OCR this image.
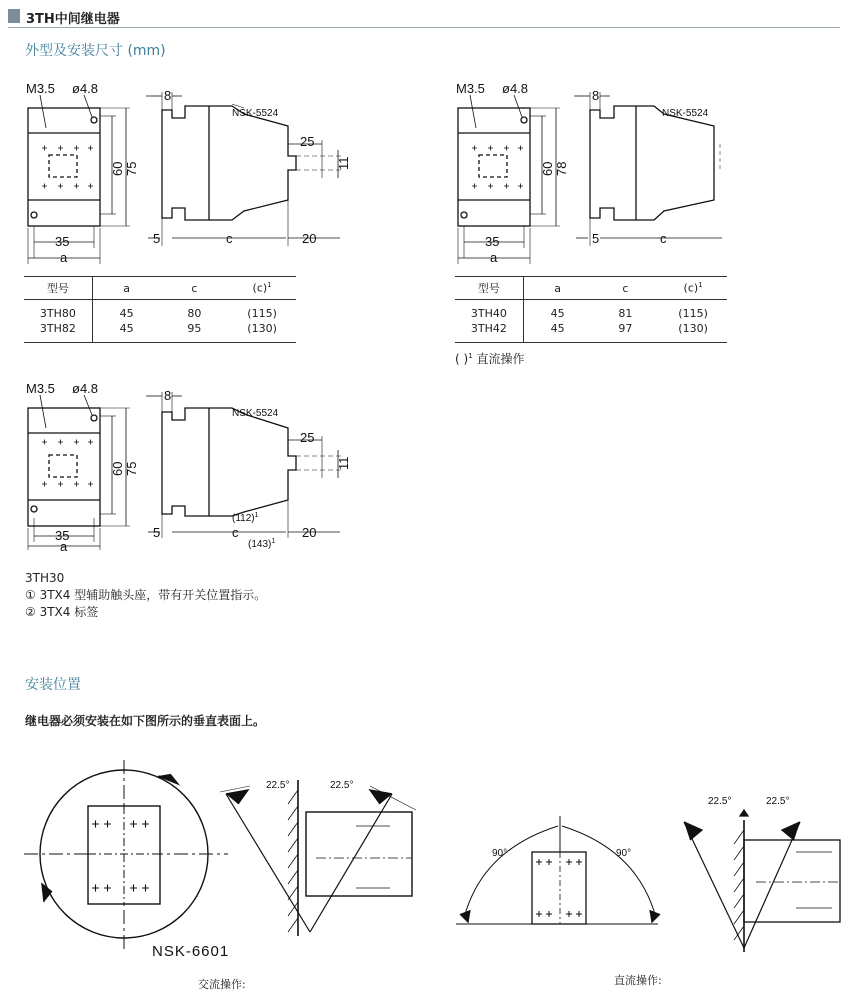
3TH中间继电器
外型及安装尺寸 (mm)
M3.5 ø4.8
60 75
35
a
8
NSK-5524
25
11
5	c	20
型号	a	c	$(c)^1$
3TH80	45	80	(115)
3TH82	45	95	(130)
M3.5 ø4.8
60 78
35
a
8
NSK-5524
5	c
型号	a	c	$(c)^1$
3TH40	45	81	(115)
3TH42	45	97	(130)
( )$^1$ 直流操作
M3.5 ø4.8
60 75
35
a
8
NSK-5524
25
11
$(112)^1$
5	c	20
$(143)^1$
3TH30
① 3TX4 型辅助触头座，带有开关位置指示。
② 3TX4 标签
安装位置
继电器必须安装在如下图所示的垂直表面上。
22.5°	22.5°
NSK-6601
交流操作:
90°	90°
22.5°	22.5°
直流操作:
